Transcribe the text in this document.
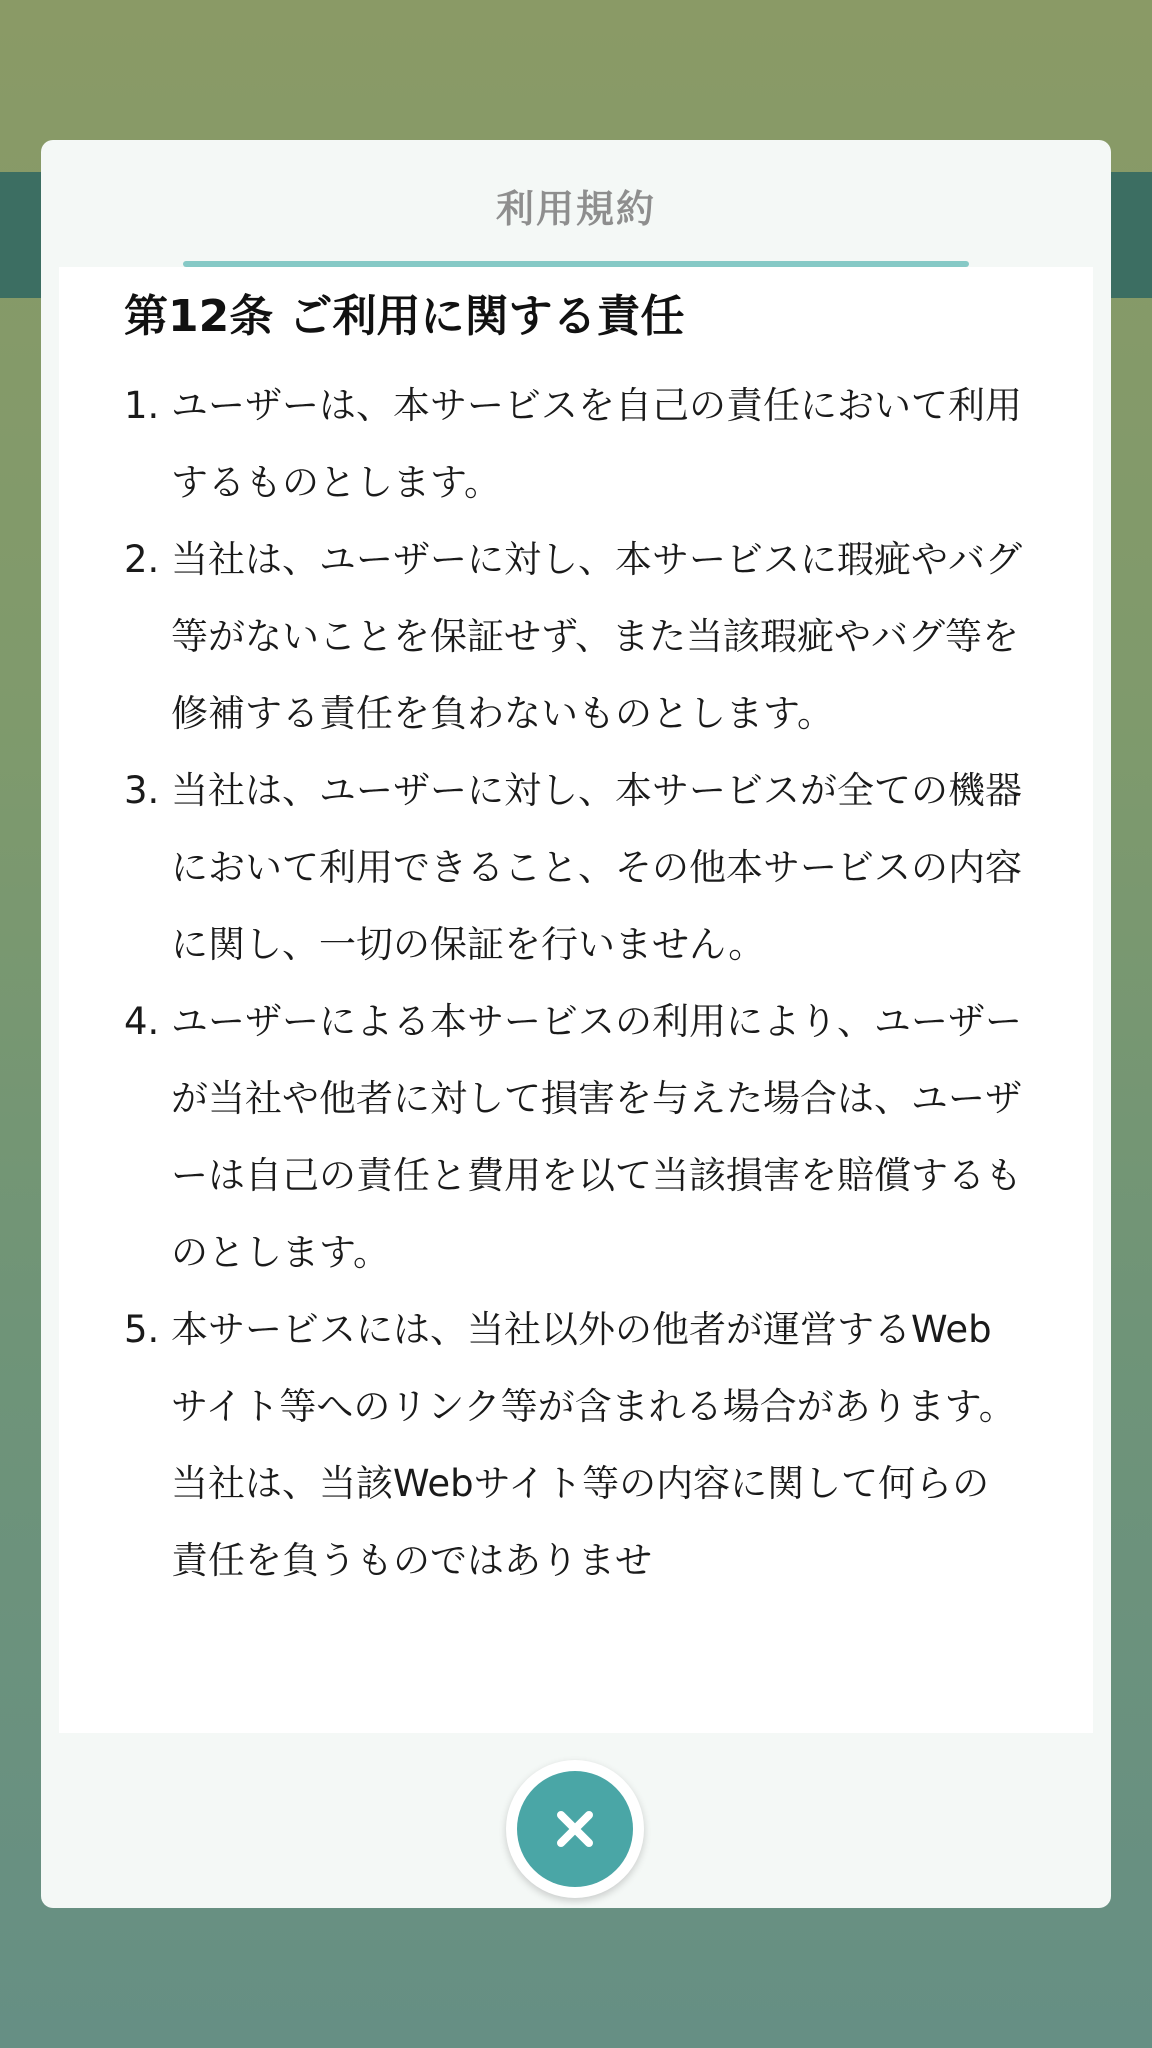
利用規約
第12条 ご利用に関する責任
1. ユーザーは、本サービスを自己の責任において利用するものとします。
2. 当社は、ユーザーに対し、本サービスに瑕疵やバグ等がないことを保証せず、また当該瑕疵やバグ等を修補する責任を負わないものとします。
3. 当社は、ユーザーに対し、本サービスが全ての機器において利用できること、その他本サービスの内容に関し、一切の保証を行いません。
4. ユーザーによる本サービスの利用により、ユーザーが当社や他者に対して損害を与えた場合は、ユーザーは自己の責任と費用を以て当該損害を賠償するものとします。
5. 本サービスには、当社以外の他者が運営するWebサイト等へのリンク等が含まれる場合があります。当社は、当該Webサイト等の内容に関して何らの責任を負うものではありませ
